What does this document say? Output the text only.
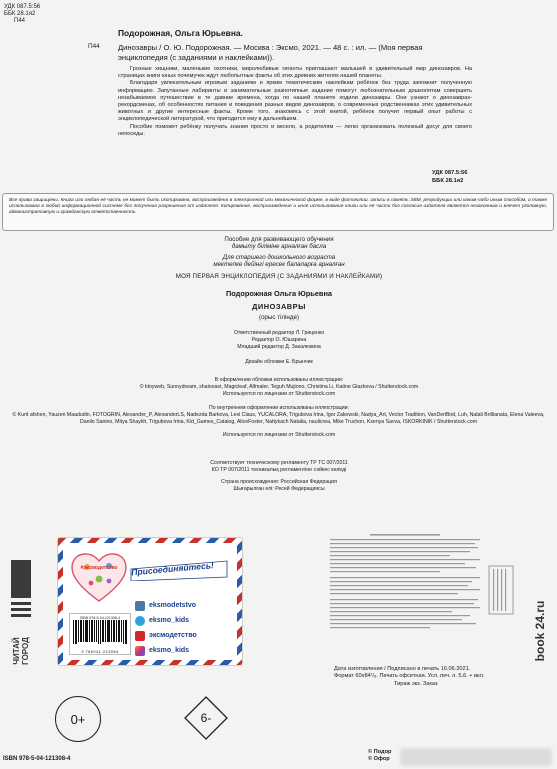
УДК 087.5:56
ББК 28.1я2
П44
Подорожная, Ольга Юрьевна.
П44 Динозавры / О. Ю. Подорожная. — Москва : Эксмо, 2021. — 48 с. : ил. — (Моя первая энциклопедия (с заданиями и наклейками)).

Грозные хищники, маленькие охотники, миролюбивые гиганты приглашают малышей в удивительный мир динозавров. На страницах книги юных почемучек ждут любопытные факты об этих древних жителях нашей планеты.

Благодаря увлекательным игровым заданиям и ярким тематическим наклейкам ребёнок без труда запомнит полученную информацию. Запутанные лабиринты и занимательные разнотипные задания помогут любознательным дошколятам совершить незабываемое путешествие в те давние времена, когда по нашей планете ходили динозавры. Они узнают о динозаврах-рекордсменах, об особенностях питания и поведения разных видов динозавров, о современных родственниках этих удивительных животных и другие интересные факты. Кроме того, знакомясь с этой книгой, ребёнок получит первый опыт работы с энциклопедической литературой, что пригодится ему в дальнейшем.

Пособие поможет ребёнку получать знания просто и весело, а родителям — легко организовать полезный досуг для своего непоседы.

УДК 087.5:56
ББК 28.1я2
Все права защищены. Книга или любая её часть не может быть скопирована, воспроизведена в электронной или механической форме, в виде фотокопии, записи в память ЭВМ, репродукции или каким-либо иным способом, а также использована в любой информационной системе без получения разрешения от издателя. Копирование, воспроизведение и иное использование книги или её части без согласия издателя является незаконным и влечет уголовную, административную и гражданскую ответственность.
Пособие для развивающего обучения
дамыту бiлiмiне арналған басла
Для старшего дошкольного возраста
мектепке дейiнгi ересек балаларға арналған
МОЯ ПЕРВАЯ ЭНЦИКЛОПЕДИЯ (С ЗАДАНИЯМИ И НАКЛЕЙКАМИ)
Подорожная Ольга Юрьевна
ДИНОЗАВРЫ
(орыс тiлiнде)
Ответственный редактор Л. Гриценко
Редактор О. Юшарина
Младший редактор Д. Закалюкина
Дизайн обложки Е. Брынчик
В оформлении обложки использованы иллюстрации:
© ktoyweb, Sunnydream, shainoast, Magicleaf, Alfmaler, Teguh Mujiono, Christina Li, Katine Glazkova / Shutterstock.com
Используется по лицензии от Shutterstock.com
По внутреннем оформлении использованы иллюстрации:
© Kurit afshen, Yauzen Maadudin, FOTOGRIN, Alexander_P, AlexanderLS, Nadezda Barkova, Lexi Claus, YUCALORA, Trigubova Irina, Igor Zakowski, Nadya_Art, Vector Tradition, VanDeriBird, Luh, Natali Brillianata, Elena Valeeva, Danilo Sanino, Mitya Shaykh, Trigubova Irina, Kid_Games_Catalog, AliceFoster, Nattykach Natalia, naulicrea, Mike Truchon, Ksenya Savva, ISKORKINIK / Shutterstock.com
Используется по лицензии от Shutterstock.com
Соответствует техническому регламенту ТР ТС 007/2011
КО ТР 007/2011 техникалық регламентiне сәйкес келедi
Страна происхождения: Российская Федерация
Шығарылған елi: Ресей Федерациясы
ЧИТАЙ ГОРОД
#эксмодетство	Присоединяйтесь!
ISBN 978-5-04-121308-4
9 785041 213084
eksmodetstvo
eksmo_kids
эксмодетство
eksmo_kids	book 24.ru
Дата изготовления / Подписано в печать 16.06.2021.
Формат 60x84¹/₈. Печать офсетная. Усл. печ. л. 5,6. + вкл.
Тираж экз. Заказ
0+	6-
ISBN 978-5-04-121308-4
© Подор
© Офор
